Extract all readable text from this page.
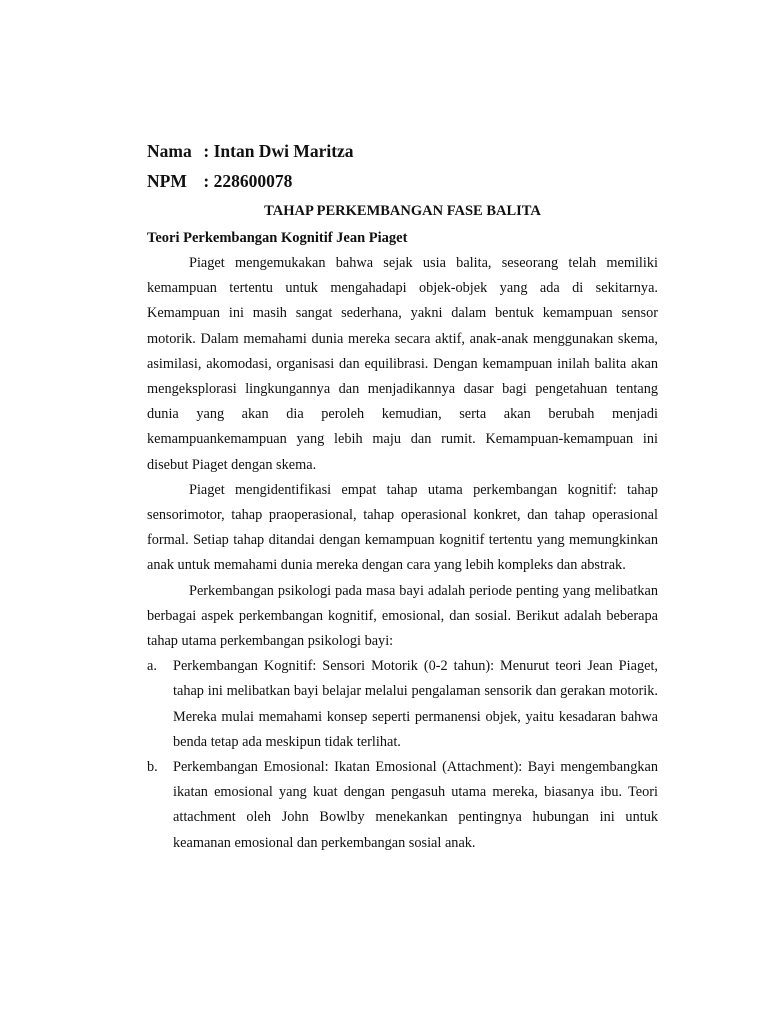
Nama : Intan Dwi Maritza
NPM : 228600078
TAHAP PERKEMBANGAN FASE BALITA
Teori Perkembangan Kognitif Jean Piaget

Piaget mengemukakan bahwa sejak usia balita, seseorang telah memiliki kemampuan tertentu untuk mengahadapi objek-objek yang ada di sekitarnya. Kemampuan ini masih sangat sederhana, yakni dalam bentuk kemampuan sensor motorik. Dalam memahami dunia mereka secara aktif, anak-anak menggunakan skema, asimilasi, akomodasi, organisasi dan equilibrasi. Dengan kemampuan inilah balita akan mengeksplorasi lingkungannya dan menjadikannya dasar bagi pengetahuan tentang dunia yang akan dia peroleh kemudian, serta akan berubah menjadi kemampuankemampuan yang lebih maju dan rumit. Kemampuan-kemampuan ini disebut Piaget dengan skema.

Piaget mengidentifikasi empat tahap utama perkembangan kognitif: tahap sensorimotor, tahap praoperasional, tahap operasional konkret, dan tahap operasional formal. Setiap tahap ditandai dengan kemampuan kognitif tertentu yang memungkinkan anak untuk memahami dunia mereka dengan cara yang lebih kompleks dan abstrak.

Perkembangan psikologi pada masa bayi adalah periode penting yang melibatkan berbagai aspek perkembangan kognitif, emosional, dan sosial. Berikut adalah beberapa tahap utama perkembangan psikologi bayi:

a.	Perkembangan Kognitif: Sensori Motorik (0-2 tahun): Menurut teori Jean Piaget, tahap ini melibatkan bayi belajar melalui pengalaman sensorik dan gerakan motorik. Mereka mulai memahami konsep seperti permanensi objek, yaitu kesadaran bahwa benda tetap ada meskipun tidak terlihat.
b.	Perkembangan Emosional: Ikatan Emosional (Attachment): Bayi mengembangkan ikatan emosional yang kuat dengan pengasuh utama mereka, biasanya ibu. Teori attachment oleh John Bowlby menekankan pentingnya hubungan ini untuk keamanan emosional dan perkembangan sosial anak.
